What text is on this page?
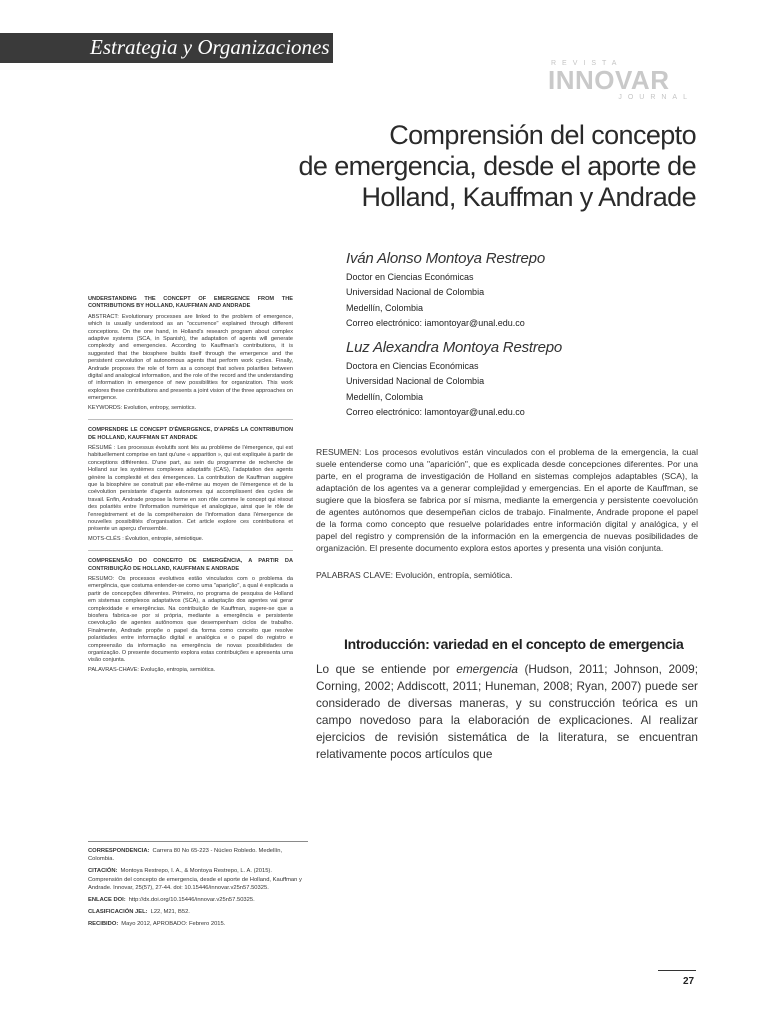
Estrategia y Organizaciones
REVISTA
INNOVAR
JOURNAL
Comprensión del concepto
de emergencia, desde el aporte de
Holland, Kauffman y Andrade
Iván Alonso Montoya Restrepo
Doctor en Ciencias Económicas
Universidad Nacional de Colombia
Medellín, Colombia
Correo electrónico: iamontoyar@unal.edu.co
Luz Alexandra Montoya Restrepo
Doctora en Ciencias Económicas
Universidad Nacional de Colombia
Medellín, Colombia
Correo electrónico: lamontoyar@unal.edu.co
UNDERSTANDING THE CONCEPT OF EMERGENCE FROM THE CONTRIBUTIONS BY HOLLAND, KAUFFMAN AND ANDRADE
ABSTRACT: Evolutionary processes are linked to the problem of emergence, which is usually understood as an "occurrence" explained through different conceptions. On the one hand, in Holland's research program about complex adaptive systems (SCA, in Spanish), the adaptation of agents will generate complexity and emergencies. According to Kauffman's contributions, it is suggested that the biosphere builds itself through the emergence and the persistent coevolution of autonomous agents that perform work cycles. Finally, Andrade proposes the role of form as a concept that solves polarities between digital and analogical information, and the role of the record and the understanding of information in emergence of new possibilities for organization. This work explores these contributions and presents a joint vision of the three approaches on emergence.
KEYWORDS: Evolution, entropy, semiotics.
COMPRENDRE LE CONCEPT D'ÉMERGENCE, D'APRÈS LA CONTRIBUTION DE HOLLAND, KAUFFMAN ET ANDRADE
RÉSUMÉ : Les processus évolutifs sont liés au problème de l'émergence, qui est habituellement comprise en tant qu'une « apparition », qui est expliquée à partir de conceptions différentes. D'une part, au sein du programme de recherche de Holland sur les systèmes complexes adaptatifs (CAS), l'adaptation des agents génère la complexité et des émergences. La contribution de Kauffman suggère que la biosphère se construit par elle-même au moyen de l'émergence et de la coévolution persistante d'agents autonomes qui accomplissent des cycles de travail. Enfin, Andrade propose la forme en son rôle comme le concept qui résout des polarités entre l'information numérique et analogique, ainsi que le rôle de l'enregistrement et de la compréhension de l'information dans l'émergence de nouvelles possibilités d'organisation. Cet article explore ces contributions et présente un aperçu d'ensemble.
MOTS-CLÉS : Évolution, entropie, sémiotique.
COMPREENSÃO DO CONCEITO DE EMERGÊNCIA, A PARTIR DA CONTRIBUIÇÃO DE HOLLAND, KAUFFMAN E ANDRADE
RESUMO: Os processos evolutivos estão vinculados com o problema da emergência, que costuma entender-se como uma "aparição", a qual é explicada a partir de concepções diferentes. Primeiro, no programa de pesquisa de Holland em sistemas complexos adaptativos (SCA), a adaptação dos agentes vai gerar complexidade e emergências. Na contribuição de Kauffman, sugere-se que a biosfera fabrica-se por si própria, mediante a emergência e persistente coevolução de agentes autônomos que desempenham ciclos de trabalho. Finalmente, Andrade propõe o papel da forma como conceito que resolve polaridades entre informação digital e analógica e o papel do registro e compreensão da informação na emergência de novas possibilidades de organização. O presente documento explora estas contribuições e apresenta uma visão conjunta.
PALAVRAS-CHAVE: Evolução, entropia, semiótica.
RESUMEN: Los procesos evolutivos están vinculados con el problema de la emergencia, la cual suele entenderse como una "aparición", que es explicada desde concepciones diferentes. Por una parte, en el programa de investigación de Holland en sistemas complejos adaptables (SCA), la adaptación de los agentes va a generar complejidad y emergencias. En el aporte de Kauffman, se sugiere que la biosfera se fabrica por sí misma, mediante la emergencia y persistente coevolución de agentes autónomos que desempeñan ciclos de trabajo. Finalmente, Andrade propone el papel de la forma como concepto que resuelve polaridades entre información digital y analógica, y el papel del registro y comprensión de la información en la emergencia de nuevas posibilidades de organización. El presente documento explora estos aportes y presenta una visión conjunta.
PALABRAS CLAVE: Evolución, entropía, semiótica.
Introducción: variedad en el concepto de emergencia
Lo que se entiende por emergencia (Hudson, 2011; Johnson, 2009; Corning, 2002; Addiscott, 2011; Huneman, 2008; Ryan, 2007) puede ser considerado de diversas maneras, y su construcción teórica es un campo novedoso para la elaboración de explicaciones. Al realizar ejercicios de revisión sistemática de la literatura, se encuentran relativamente pocos artículos que
CORRESPONDENCIA: Carrera 80 No 65-223 - Núcleo Robledo. Medellín, Colombia.
CITACIÓN: Montoya Restrepo, I. A., & Montoya Restrepo, L. A. (2015). Comprensión del concepto de emergencia, desde el aporte de Holland, Kauffman y Andrade. Innovar, 25(57), 27-44. doi: 10.15446/innovar.v25n57.50325.
ENLACE DOI: http://dx.doi.org/10.15446/innovar.v25n57.50325.
CLASIFICACIÓN JEL: L22, M21, B52.
RECIBIDO: Mayo 2012, APROBADO: Febrero 2015.
27
